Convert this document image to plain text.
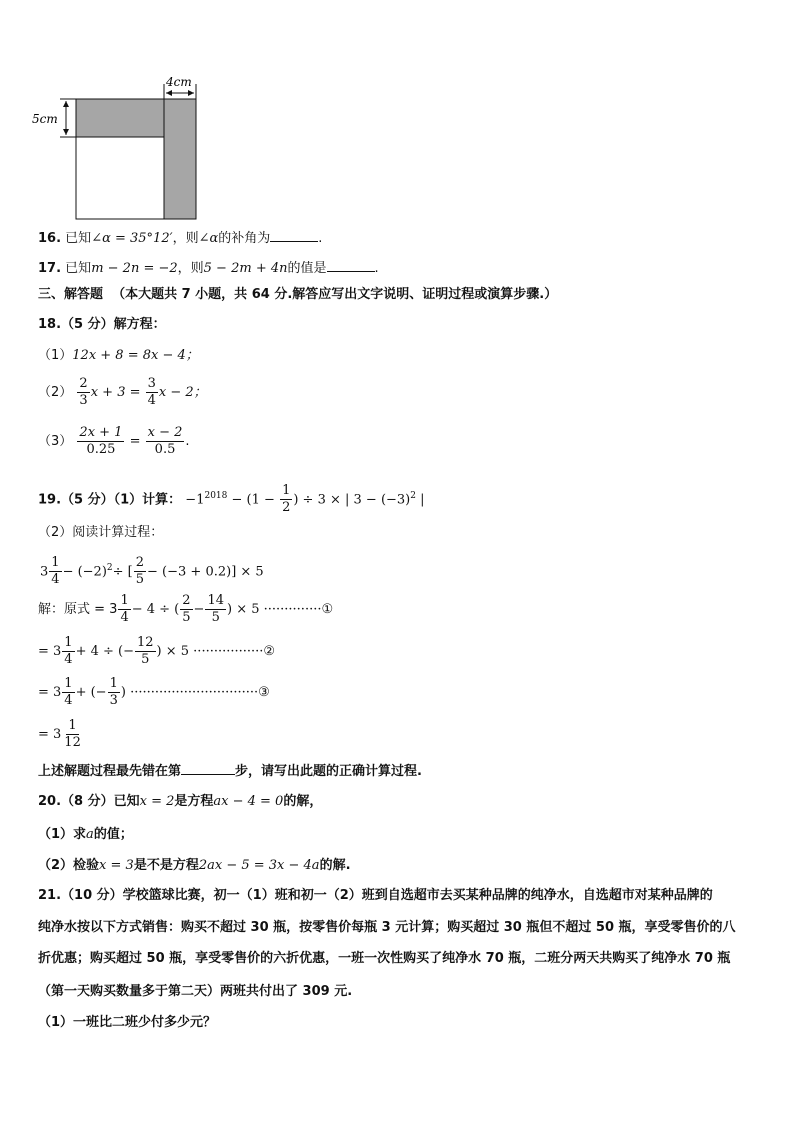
4cm
5cm
16. 已知∠α = 35°12′，则∠α的补角为	.
17. 已知m − 2n = −2，则5 − 2m + 4n的值是	.
三、解答题 （本大题共 7 小题，共 64 分.解答应写出文字说明、证明过程或演算步骤.）
18.（5 分）解方程：
（1）12x + 8 = 8x − 4；
$(2) \frac{2}{3}$ $x + 3 = \frac{3}{4}$ x − 2；
$(3) \frac{2x + 1}{0.25} = \frac{x - 2}{0.5}$ .
19.（5 分）（1）计算： $-1^{2018} - (1 - \frac{1}{2}$ ) ÷ 3 × | $3 - (-3)^2$ |
（2）阅读计算过程：
$3 \frac{1}{4} - (-2)^2\div$ [ $\frac{2}{5} - (-3 + 0.2)] \times 5$
解：原式 = $3 \frac{1}{4} - 4$ ÷ ( $\frac{2}{5} - \frac{14}{5}$ ) × 5 ··············①
= $3 \frac{1}{4} + 4$ ÷ (− $\frac{12}{5}$ ) × 5 ·················②
= $3 \frac{1}{4}$ + (− $\frac{1}{3}$ ) ·······························③
= $3 \frac{1}{12}$
上述解题过程最先错在第	步，请写出此题的正确计算过程.
20.（8 分）已知x = 2是方程ax − 4 = 0的解，
（1）求a的值；
（2）检验x = 3是不是方程2ax − 5 = 3x − 4a的解.
21.（10 分）学校篮球比赛，初一（1）班和初一（2）班到自选超市去买某种品牌的纯净水，自选超市对某种品牌的
纯净水按以下方式销售：购买不超过 30 瓶，按零售价每瓶 3 元计算；购买超过 30 瓶但不超过 50 瓶，享受零售价的八
折优惠；购买超过 50 瓶，享受零售价的六折优惠，一班一次性购买了纯净水 70 瓶，二班分两天共购买了纯净水 70 瓶
（第一天购买数量多于第二天）两班共付出了 309 元.
（1）一班比二班少付多少元？
